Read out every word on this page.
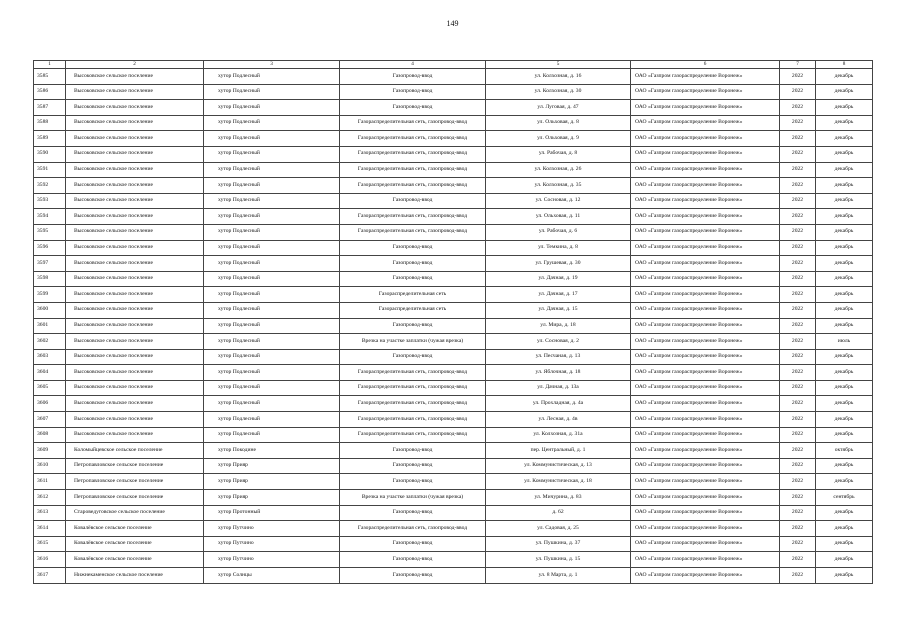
149
1	2	3	4	5	6	7	8
3585	Высоковское сельское поселение	хутор Подлесный	Газопровод-ввод	ул. Колхозная, д. 16	ОАО «Газпром газораспределение Воронеж»	2022	декабрь
3586	Высоковское сельское поселение	хутор Подлесный	Газопровод-ввод	ул. Колхозная, д. 30	ОАО «Газпром газораспределение Воронеж»	2022	декабрь
3587	Высоковское сельское поселение	хутор Подлесный	Газопровод-ввод	ул. Луговая, д. 47	ОАО «Газпром газораспределение Воронеж»	2022	декабрь
3588	Высоковское сельское поселение	хутор Подлесный	Газораспределительная сеть, газопровод-ввод	ул. Ольховая, д. 8	ОАО «Газпром газораспределение Воронеж»	2022	декабрь
3589	Высоковское сельское поселение	хутор Подлесный	Газораспределительная сеть, газопровод-ввод	ул. Ольховая, д. 9	ОАО «Газпром газораспределение Воронеж»	2022	декабрь
3590	Высоковское сельское поселение	хутор Подлесный	Газораспределительная сеть, газопровод-ввод	ул. Рабочая, д. 8	ОАО «Газпром газораспределение Воронеж»	2022	декабрь
3591	Высоковское сельское поселение	хутор Подлесный	Газораспределительная сеть, газопровод-ввод	ул. Колхозная, д. 26	ОАО «Газпром газораспределение Воронеж»	2022	декабрь
3592	Высоковское сельское поселение	хутор Подлесный	Газораспределительная сеть, газопровод-ввод	ул. Колхозная, д. 35	ОАО «Газпром газораспределение Воронеж»	2022	декабрь
3593	Высоковское сельское поселение	хутор Подлесный	Газопровод-ввод	ул. Сосновая, д. 12	ОАО «Газпром газораспределение Воронеж»	2022	декабрь
3594	Высоковское сельское поселение	хутор Подлесный	Газораспределительная сеть, газопровод-ввод	ул. Ольховая, д. 11	ОАО «Газпром газораспределение Воронеж»	2022	декабрь
3595	Высоковское сельское поселение	хутор Подлесный	Газораспределительная сеть, газопровод-ввод	ул. Рабочая, д. 6	ОАО «Газпром газораспределение Воронеж»	2022	декабрь
3596	Высоковское сельское поселение	хутор Подлесный	Газопровод-ввод	ул. Темкина, д. 8	ОАО «Газпром газораспределение Воронеж»	2022	декабрь
3597	Высоковское сельское поселение	хутор Подлесный	Газопровод-ввод	ул. Грушевая, д. 30	ОАО «Газпром газораспределение Воронеж»	2022	декабрь
3598	Высоковское сельское поселение	хутор Подлесный	Газопровод-ввод	ул. Дачная, д. 19	ОАО «Газпром газораспределение Воронеж»	2022	декабрь
3599	Высоковское сельское поселение	хутор Подлесный	Газораспределительная сеть	ул. Дачная, д. 17	ОАО «Газпром газораспределение Воронеж»	2022	декабрь
3600	Высоковское сельское поселение	хутор Подлесный	Газораспределительная сеть	ул. Дачная, д. 15	ОАО «Газпром газораспределение Воронеж»	2022	декабрь
3601	Высоковское сельское поселение	хутор Подлесный	Газопровод-ввод	ул. Мира, д. 18	ОАО «Газпром газораспределение Воронеж»	2022	декабрь
3602	Высоковское сельское поселение	хутор Подлесный	Врезка на участке заплатки (чужая врезка)	ул. Сосновая, д. 2	ОАО «Газпром газораспределение Воронеж»	2022	июль
3603	Высоковское сельское поселение	хутор Подлесный	Газопровод-ввод	ул. Песчаная, д. 13	ОАО «Газпром газораспределение Воронеж»	2022	декабрь
3604	Высоковское сельское поселение	хутор Подлесный	Газораспределительная сеть, газопровод-ввод	ул. Яблочная, д. 18	ОАО «Газпром газораспределение Воронеж»	2022	декабрь
3605	Высоковское сельское поселение	хутор Подлесный	Газораспределительная сеть, газопровод-ввод	ул. Дачная, д. 13а	ОАО «Газпром газораспределение Воронеж»	2022	декабрь
3606	Высоковское сельское поселение	хутор Подлесный	Газораспределительная сеть, газопровод-ввод	ул. Прохладная, д. 4а	ОАО «Газпром газораспределение Воронеж»	2022	декабрь
3607	Высоковское сельское поселение	хутор Подлесный	Газораспределительная сеть, газопровод-ввод	ул. Лесная, д. 4в	ОАО «Газпром газораспределение Воронеж»	2022	декабрь
3608	Высоковское сельское поселение	хутор Подлесный	Газораспределительная сеть, газопровод-ввод	ул. Колхозная, д. 31а	ОАО «Газпром газораспределение Воронеж»	2022	декабрь
3609	Коломыйцевское сельское поселение	хутор Покодине	Газопровод-ввод	пер. Центральный, д. 1	ОАО «Газпром газораспределение Воронеж»	2022	октябрь
3610	Петропавловское сельское поселение	хутор Прияр	Газопровод-ввод	ул. Коммунистическая, д. 13	ОАО «Газпром газораспределение Воронеж»	2022	декабрь
3611	Петропавловское сельское поселение	хутор Прияр	Газопровод-ввод	ул. Коммунистическая, д. 18	ОАО «Газпром газораспределение Воронеж»	2022	декабрь
3612	Петропавловское сельское поселение	хутор Прияр	Врезка на участке заплатки (чужая врезка)	ул. Мичурина, д. 83	ОАО «Газпром газораспределение Воронеж»	2022	сентябрь
3613	Староведуговское сельское поселение	хутор Протонный	Газопровод-ввод	д. 62	ОАО «Газпром газораспределение Воронеж»	2022	декабрь
3614	Ковалёвское сельское поселение	хутор Путчино	Газораспределительная сеть, газопровод-ввод	ул. Садовая, д. 25	ОАО «Газпром газораспределение Воронеж»	2022	декабрь
3615	Ковалёвское сельское поселение	хутор Путчино	Газопровод-ввод	ул. Пушкина, д. 37	ОАО «Газпром газораспределение Воронеж»	2022	декабрь
3616	Ковалёвское сельское поселение	хутор Путчино	Газопровод-ввод	ул. Пушкина, д. 15	ОАО «Газпром газораспределение Воронеж»	2022	декабрь
3617	Нижнекаменское сельское поселение	хутор Солнцы	Газопровод-ввод	ул. 8 Марта, д. 1	ОАО «Газпром газораспределение Воронеж»	2022	декабрь
